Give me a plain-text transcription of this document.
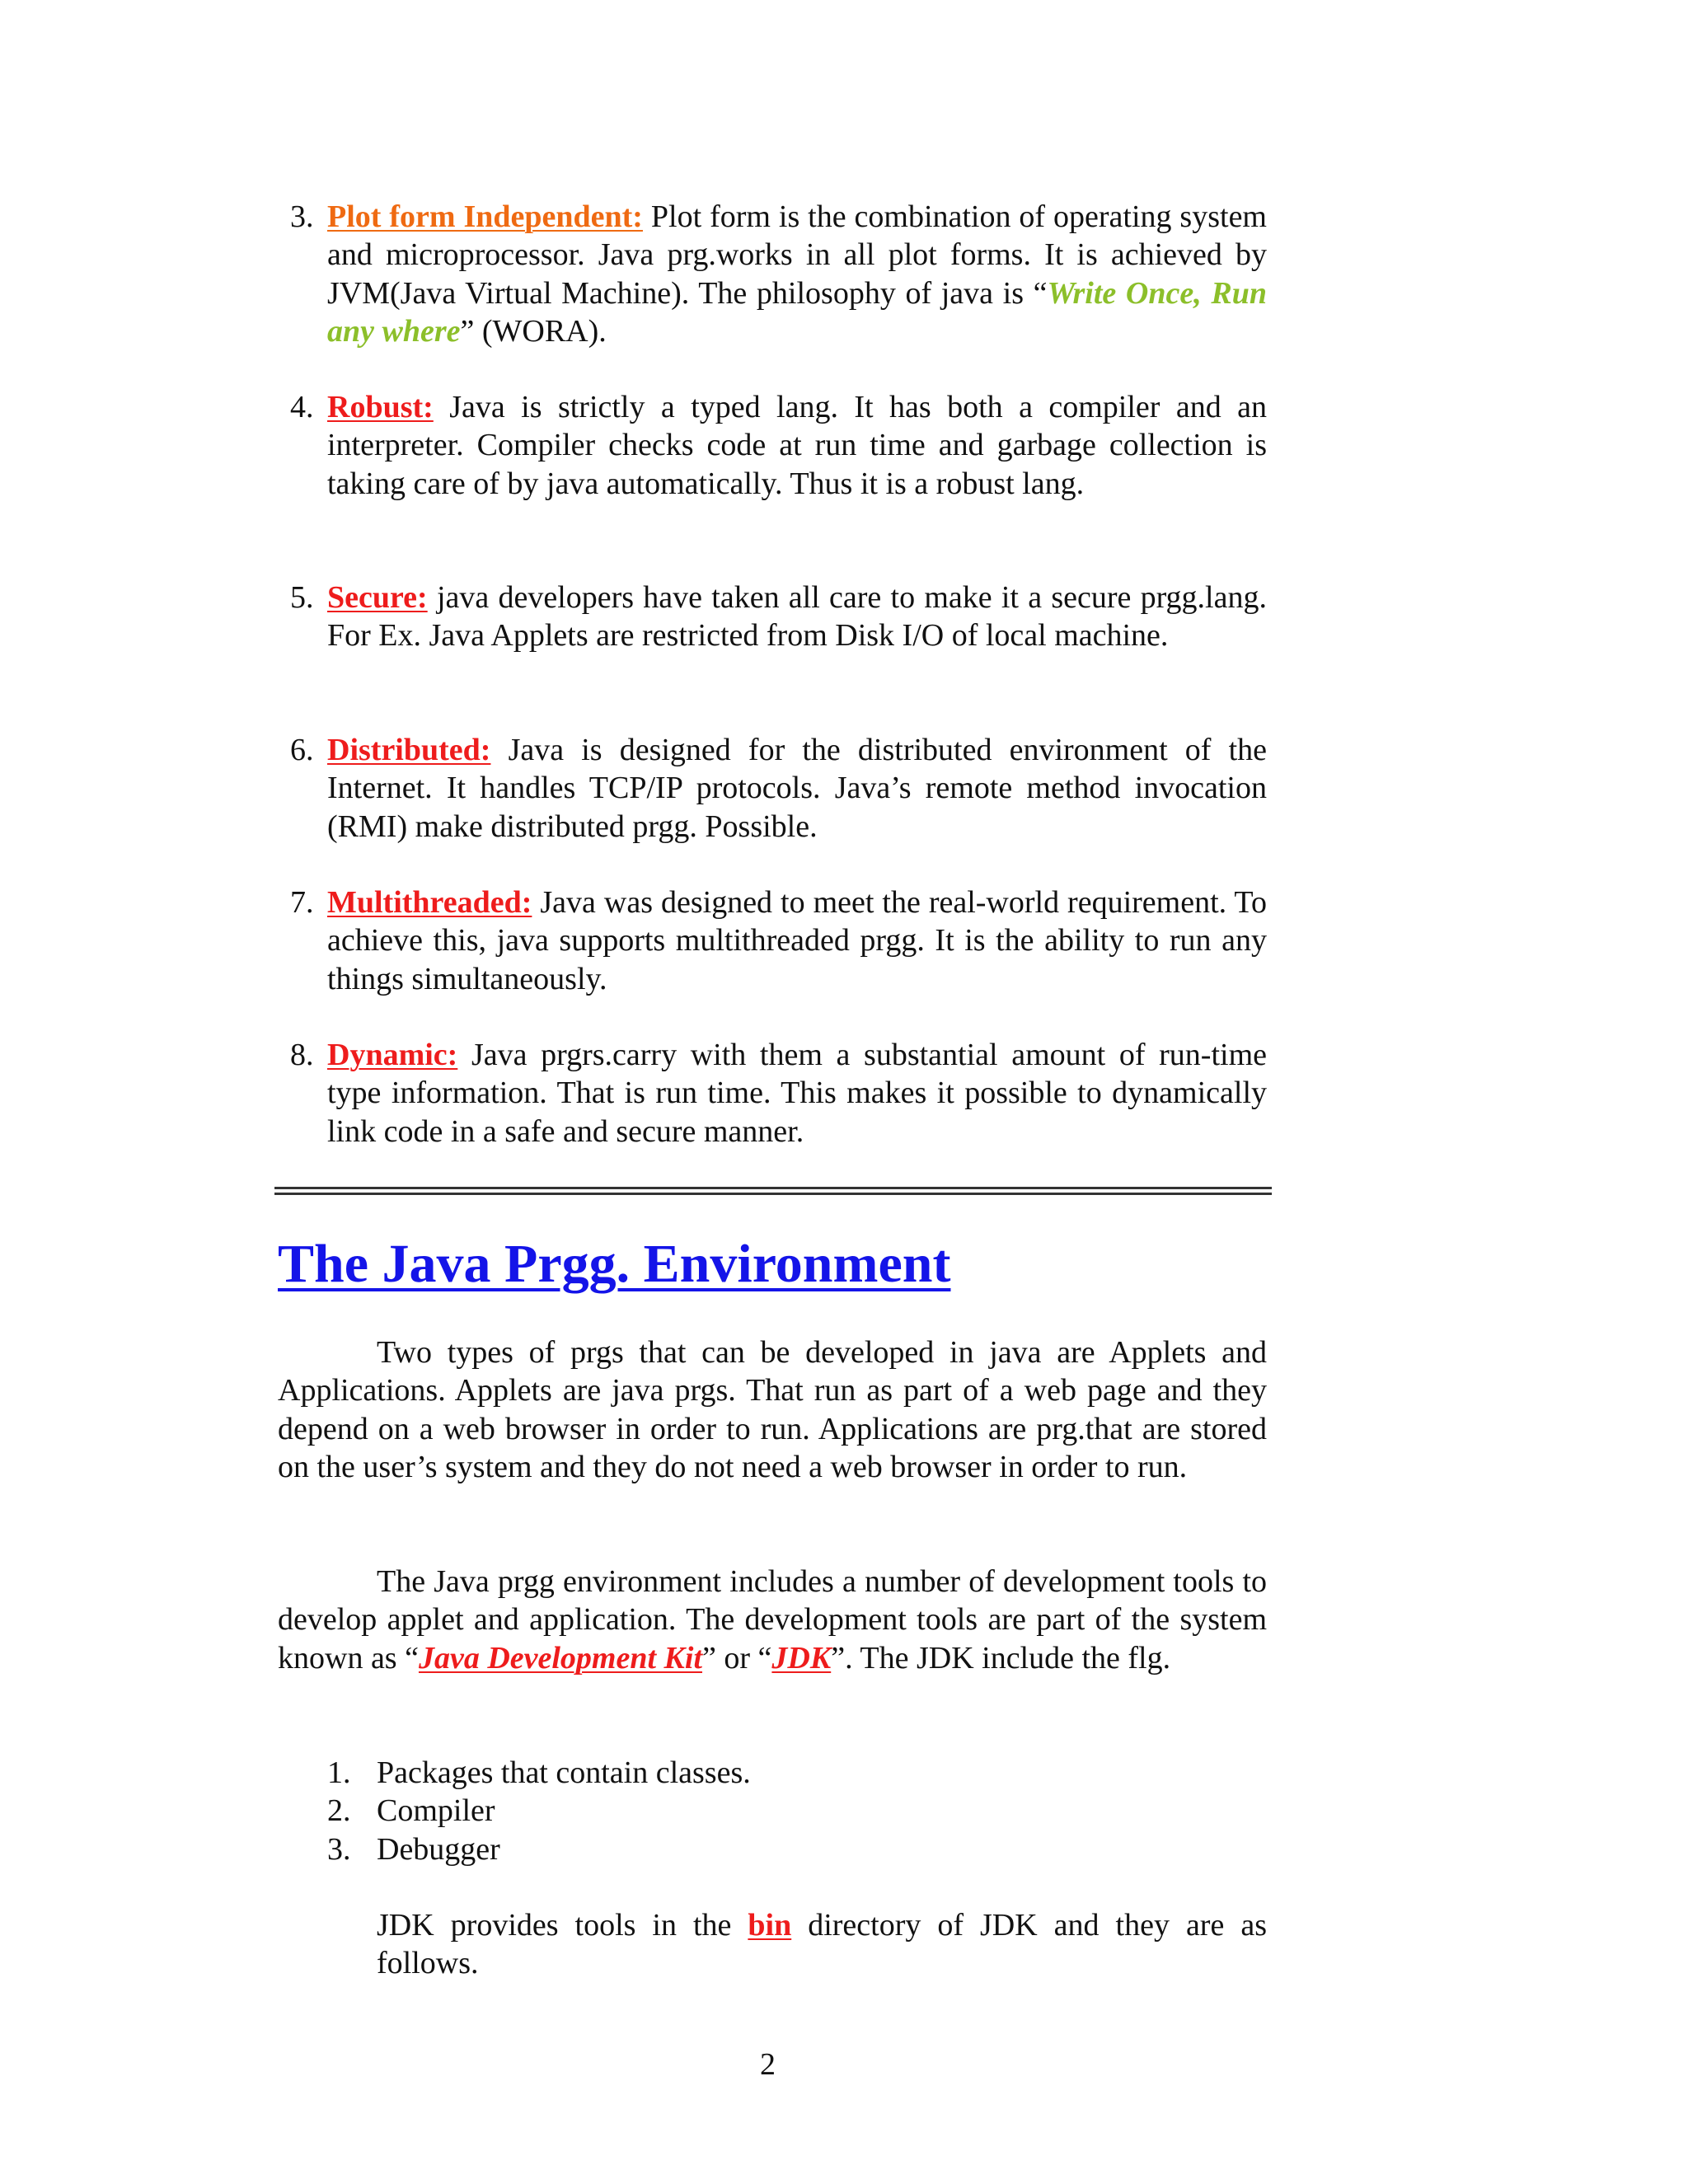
3. Plot form Independent: Plot form is the combination of operating system and microprocessor. Java prg.works in all plot forms. It is achieved by JVM(Java Virtual Machine). The philosophy of java is “Write Once, Run any where” (WORA).
4. Robust: Java is strictly a typed lang. It has both a compiler and an interpreter. Compiler checks code at run time and garbage collection is taking care of by java automatically. Thus it is a robust lang.
5. Secure: java developers have taken all care to make it a secure prgg.lang. For Ex. Java Applets are restricted from Disk I/O of local machine.
6. Distributed: Java is designed for the distributed environment of the Internet. It handles TCP/IP protocols. Java’s remote method invocation (RMI) make distributed prgg. Possible.
7. Multithreaded: Java was designed to meet the real-world requirement. To achieve this, java supports multithreaded prgg. It is the ability to run any things simultaneously.
8. Dynamic: Java prgrs.carry with them a substantial amount of run-time type information. That is run time. This makes it possible to dynamically link code in a safe and secure manner.
The Java Prgg. Environment

Two types of prgs that can be developed in java are Applets and Applications. Applets are java prgs. That run as part of a web page and they depend on a web browser in order to run. Applications are prg.that are stored on the user’s system and they do not need a web browser in order to run.

The Java prgg environment includes a number of development tools to develop applet and application. The development tools are part of the system known as “Java Development Kit” or “JDK”. The JDK include the flg.

1. Packages that contain classes.
2. Compiler
3. Debugger

JDK provides tools in the bin directory of JDK and they are as follows.

2
